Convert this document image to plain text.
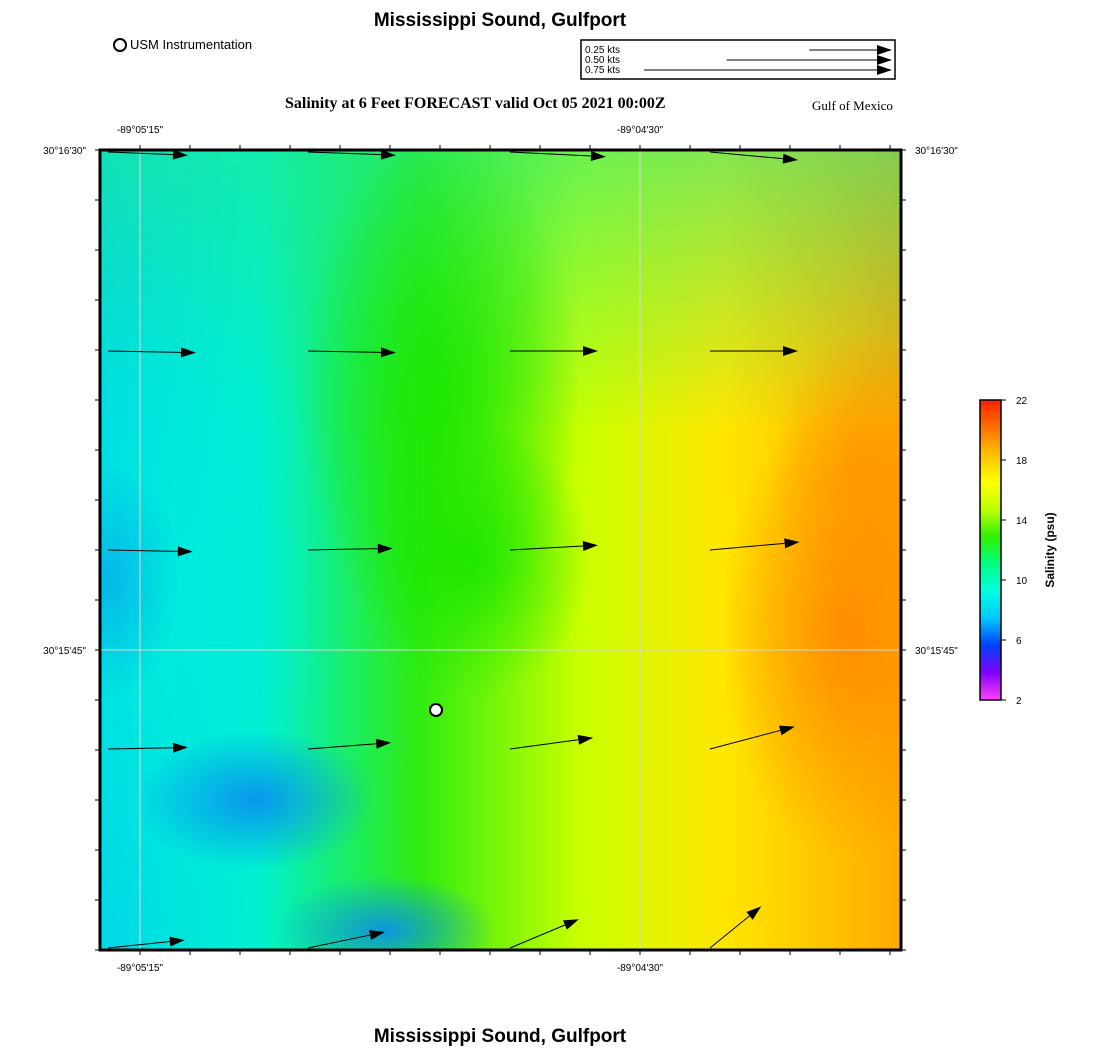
Mississippi Sound, Gulfport
USM Instrumentation	0.25 kts
0.50 kts
0.75 kts
Salinity at 6 Feet FORECAST valid Oct 05 2021 00:00Z	Gulf of Mexico
-89°05'15"
-89°05'15"
-89°04'30"
-89°04'30"
30°16'30"	30°16'30"
30°15'45"	30°15'45"
2
6
10
14
18
22
Salinity (psu)
Mississippi Sound, Gulfport
